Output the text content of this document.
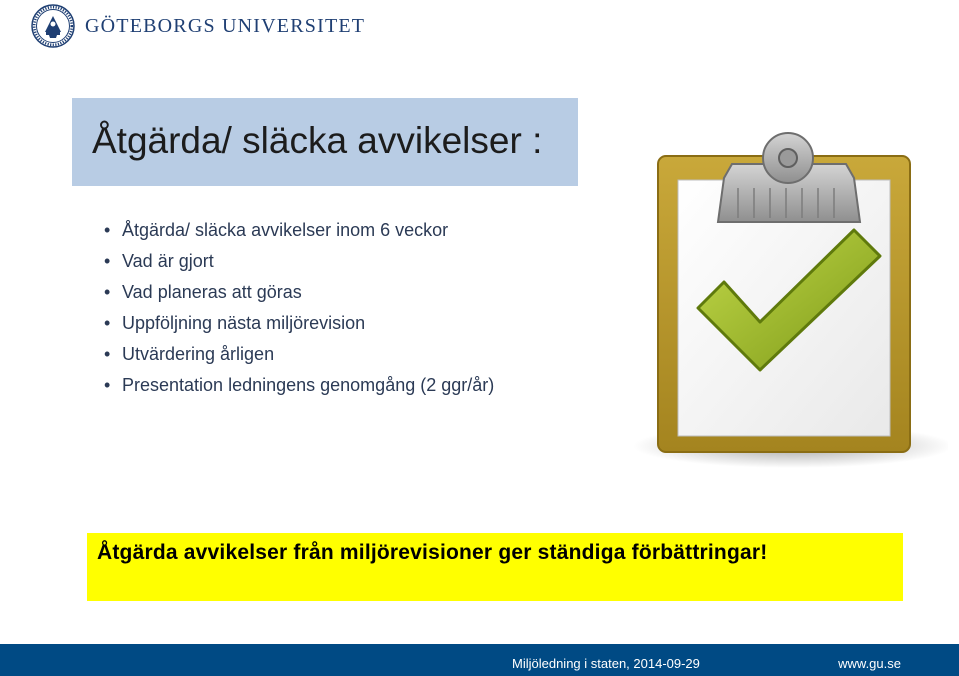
GÖTEBORGS UNIVERSITET
Åtgärda/ släcka avvikelser :
• Åtgärda/ släcka avvikelser inom 6 veckor
• Vad är gjort
• Vad planeras att göras
• Uppföljning nästa miljörevision
• Utvärdering årligen
• Presentation ledningens genomgång (2 ggr/år)
Åtgärda avvikelser från miljörevisioner ger ständiga förbättringar!
Miljöledning i staten, 2014-09-29	www.gu.se
